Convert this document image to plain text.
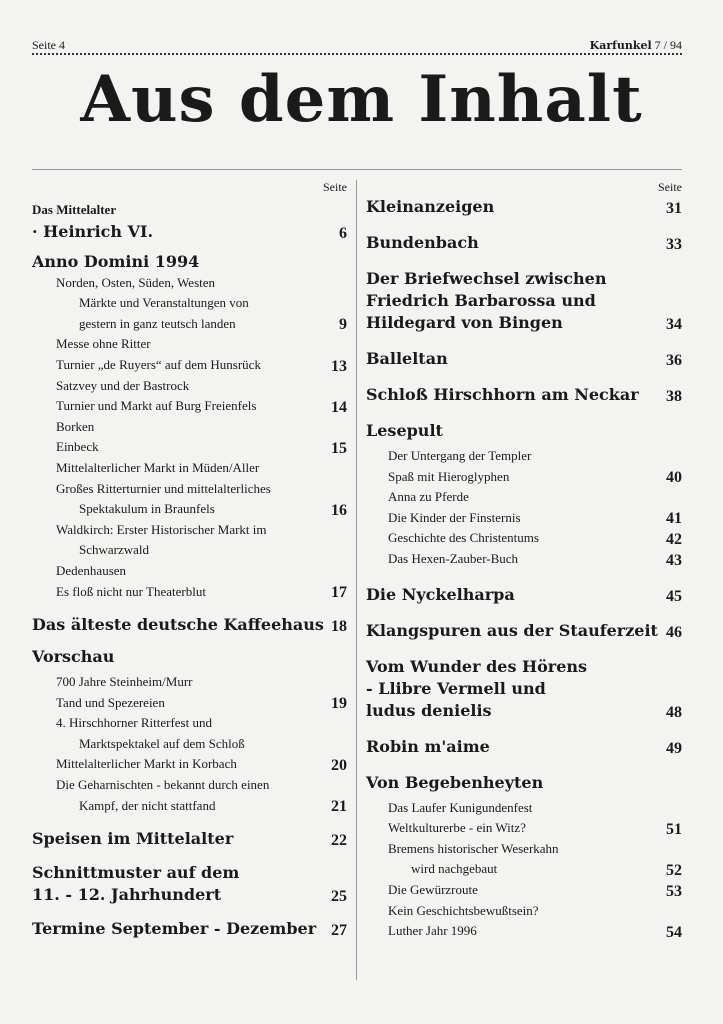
Seite 4	Karfunkel 7 / 94
Aus dem Inhalt
Seite
Das Mittelalter
· Heinrich VI.	6
Anno Domini 1994
Norden, Osten, Süden, Westen
Märkte und Veranstaltungen von
gestern in ganz teutsch landen	9
Messe ohne Ritter
Turnier „de Ruyers“ auf dem Hunsrück	13
Satzvey und der Bastrock
Turnier und Markt auf Burg Freienfels	14
Borken
Einbeck	15
Mittelalterlicher Markt in Müden/Aller
Großes Ritterturnier und mittelalterliches
Spektakulum in Braunfels	16
Waldkirch: Erster Historischer Markt im
Schwarzwald
Dedenhausen
Es floß nicht nur Theaterblut	17
Das älteste deutsche Kaffeehaus 18
Vorschau
700 Jahre Steinheim/Murr
Tand und Spezereien	19
4. Hirschhorner Ritterfest und
Marktspektakel auf dem Schloß
Mittelalterlicher Markt in Korbach	20
Die Geharnischten - bekannt durch einen
Kampf, der nicht stattfand	21
Speisen im Mittelalter	22
Schnittmuster auf dem
11. - 12. Jahrhundert	25
Termine September - Dezember 27
Seite
Kleinanzeigen	31
Bundenbach	33
Der Briefwechsel zwischen
Friedrich Barbarossa und
Hildegard von Bingen	34
Balleltan	36
Schloß Hirschhorn am Neckar	38
Lesepult
Der Untergang der Templer
Spaß mit Hieroglyphen	40
Anna zu Pferde
Die Kinder der Finsternis	41
Geschichte des Christentums	42
Das Hexen-Zauber-Buch	43
Die Nyckelharpa	45
Klangspuren aus der Stauferzeit 46
Vom Wunder des Hörens
- Llibre Vermell und
ludus denielis	48
Robin m'aime	49
Von Begebenheyten
Das Laufer Kunigundenfest
Weltkulturerbe - ein Witz?	51
Bremens historischer Weserkahn
wird nachgebaut	52
Die Gewürzroute	53
Kein Geschichtsbewußtsein?
Luther Jahr 1996	54
